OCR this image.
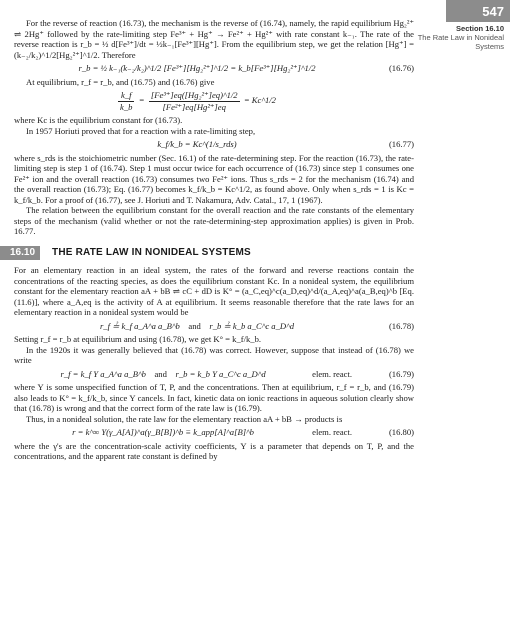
547
Section 16.10
The Rate Law in Nonideal Systems

For the reverse of reaction (16.73), the mechanism is the reverse of (16.74), namely, the rapid equilibrium Hg₂²⁺ ⇌ 2Hg⁺ followed by the rate-limiting step Fe³⁺ + Hg⁺ → Fe²⁺ + Hg²⁺ with rate constant k₋₁. The rate of the reverse reaction is r_b = ½ d[Fe³⁺]/dt = ½k₋₁[Fe³⁺][Hg⁺]. From the equilibrium step, we get the relation [Hg⁺] = (k₋₂/k₂)^1/2[Hg₂²⁺]^1/2. Therefore

r_b = ½ k₋₁(k₋₂/k₂)^1/2 [Fe³⁺][Hg₂²⁺]^1/2 = k_b[Fe³⁺][Hg₂²⁺]^1/2	(16.76)

At equilibrium, r_f = r_b, and (16.75) and (16.76) give

$\frac{k\_f}{k\_b} = \frac{\text{[Fe³⁺]eq([Hg₂²⁺]eq)\textasciicircum{}1/2}}{\text{[Fe²⁺]eq[Hg²⁺]eq}}$ = Kc^1/2

where Kc is the equilibrium constant for (16.73).

In 1957 Horiuti proved that for a reaction with a rate-limiting step,

k_f/k_b = Kc^(1/s_rds)	(16.77)

where s_rds is the stoichiometric number (Sec. 16.1) of the rate-determining step. For the reaction (16.73), the rate-limiting step is step 1 of (16.74). Step 1 must occur twice for each occurrence of (16.73) since step 1 consumes one Fe²⁺ ion and the overall reaction (16.73) consumes two Fe²⁺ ions. Thus s_rds = 2 for the mechanism (16.74) and the overall reaction (16.73); Eq. (16.77) becomes k_f/k_b = Kc^1/2, as found above. Only when s_rds = 1 is Kc = k_f/k_b. For a proof of (16.77), see J. Horiuti and T. Nakamura, Adv. Catal., 17, 1 (1967).

The relation between the equilibrium constant for the overall reaction and the rate constants of the elementary steps of the mechanism (valid whether or not the rate-determining-step approximation applies) is given in Prob. 16.77.

16.10	THE RATE LAW IN NONIDEAL SYSTEMS

For an elementary reaction in an ideal system, the rates of the forward and reverse reactions contain the concentrations of the reacting species, as does the equilibrium constant Kc. In a nonideal system, the equilibrium constant for the elementary reaction aA + bB ⇌ cC + dD is K° = (a_C,eq)^c(a_D,eq)^d/(a_A,eq)^a(a_B,eq)^b [Eq. (11.6)], where a_A,eq is the activity of A at equilibrium. It seems reasonable therefore that the rate laws for an elementary reaction in a nonideal system would be

r_f ≟ k_f a_A^a a_B^b and r_b ≟ k_b a_C^c a_D^d	(16.78)

Setting r_f = r_b at equilibrium and using (16.78), we get K° = k_f/k_b.

In the 1920s it was generally believed that (16.78) was correct. However, suppose that instead of (16.78) we write

r_f = k_f Y a_A^a a_B^b and r_b = k_b Y a_C^c a_D^d	elem. react.	(16.79)

where Y is some unspecified function of T, P, and the concentrations. Then at equilibrium, r_f = r_b, and (16.79) also leads to K° = k_f/k_b, since Y cancels. In fact, kinetic data on ionic reactions in aqueous solution clearly show that (16.78) is wrong and that the correct form of the rate law is (16.79).

Thus, in a nonideal solution, the rate law for the elementary reaction aA + bB → products is

r = k^∞ Y(γ_A[A])^a(γ_B[B])^b ≡ k_app[A]^a[B]^b	elem. react.	(16.80)

where the γ's are the concentration-scale activity coefficients, Y is a parameter that depends on T, P, and the concentrations, and the apparent rate constant is defined by
